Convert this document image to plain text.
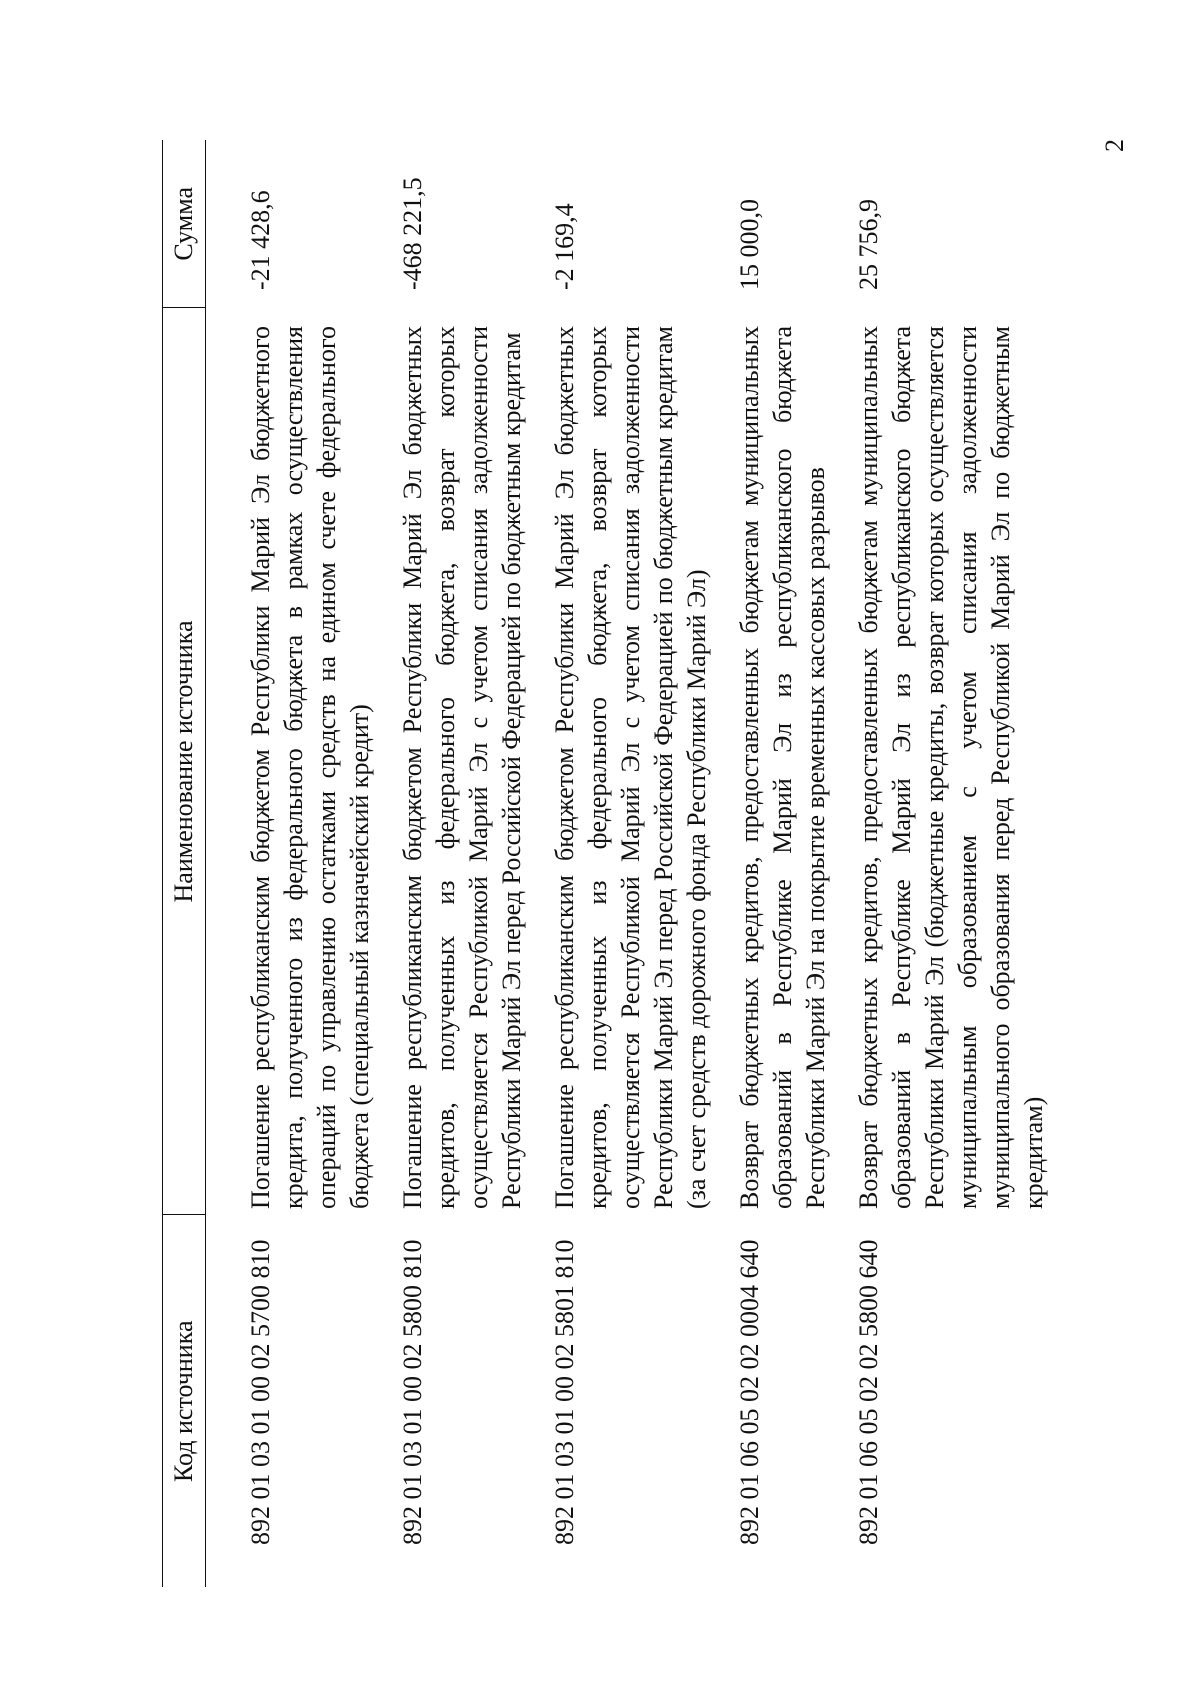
2
Код источника	Наименование источника	Сумма
892 01 03 01 00 02 5700 810	Погашение республиканским бюджетом Республики Марий Эл бюджетного кредита, полученного из федерального бюджета в рамках осуществления операций по управлению остатками средств на едином счете федерального бюджета (специальный казначейский кредит)	-21 428,6
892 01 03 01 00 02 5800 810	Погашение республиканским бюджетом Республики Марий Эл бюджетных кредитов, полученных из федерального бюджета, возврат которых осуществляется Республикой Марий Эл с учетом списания задолженности Республики Марий Эл перед Российской Федерацией по бюджетным кредитам	-468 221,5
892 01 03 01 00 02 5801 810	Погашение республиканским бюджетом Республики Марий Эл бюджетных кредитов, полученных из федерального бюджета, возврат которых осуществляется Республикой Марий Эл с учетом списания задолженности Республики Марий Эл перед Российской Федерацией по бюджетным кредитам (за счет средств дорожного фонда Республики Марий Эл)	-2 169,4
892 01 06 05 02 02 0004 640	Возврат бюджетных кредитов, предоставленных бюджетам муниципальных образований в Республике Марий Эл из республиканского бюджета Республики Марий Эл на покрытие временных кассовых разрывов	15 000,0
892 01 06 05 02 02 5800 640	Возврат бюджетных кредитов, предоставленных бюджетам муниципальных образований в Республике Марий Эл из республиканского бюджета Республики Марий Эл (бюджетные кредиты, возврат которых осуществляется муниципальным образованием с учетом списания задолженности муниципального образования перед Республикой Марий Эл по бюджетным кредитам)	25 756,9
